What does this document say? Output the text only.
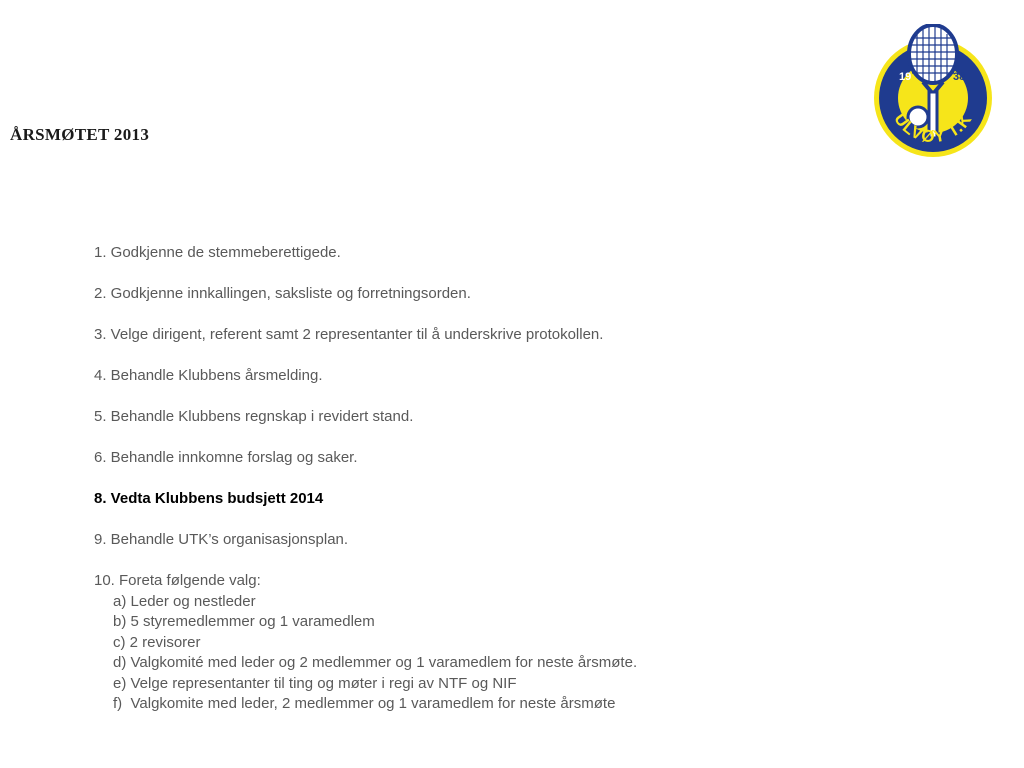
ÅRSMØTET 2013
19	38
ULVØY T.K
1. Godkjenne de stemmeberettigede.
2. Godkjenne innkallingen, saksliste og forretningsorden.
3. Velge dirigent, referent samt 2 representanter til å underskrive protokollen.
4. Behandle Klubbens årsmelding.
5. Behandle Klubbens regnskap i revidert stand.
6. Behandle innkomne forslag og saker.
8. Vedta Klubbens budsjett 2014
9. Behandle UTK’s organisasjonsplan.
10. Foreta følgende valg:
a) Leder og nestleder
b) 5 styremedlemmer og 1 varamedlem
c) 2 revisorer
d) Valgkomité med leder og 2 medlemmer og 1 varamedlem for neste årsmøte.
e) Velge representanter til ting og møter i regi av NTF og NIF
f)  Valgkomite med leder, 2 medlemmer og 1 varamedlem for neste årsmøte
